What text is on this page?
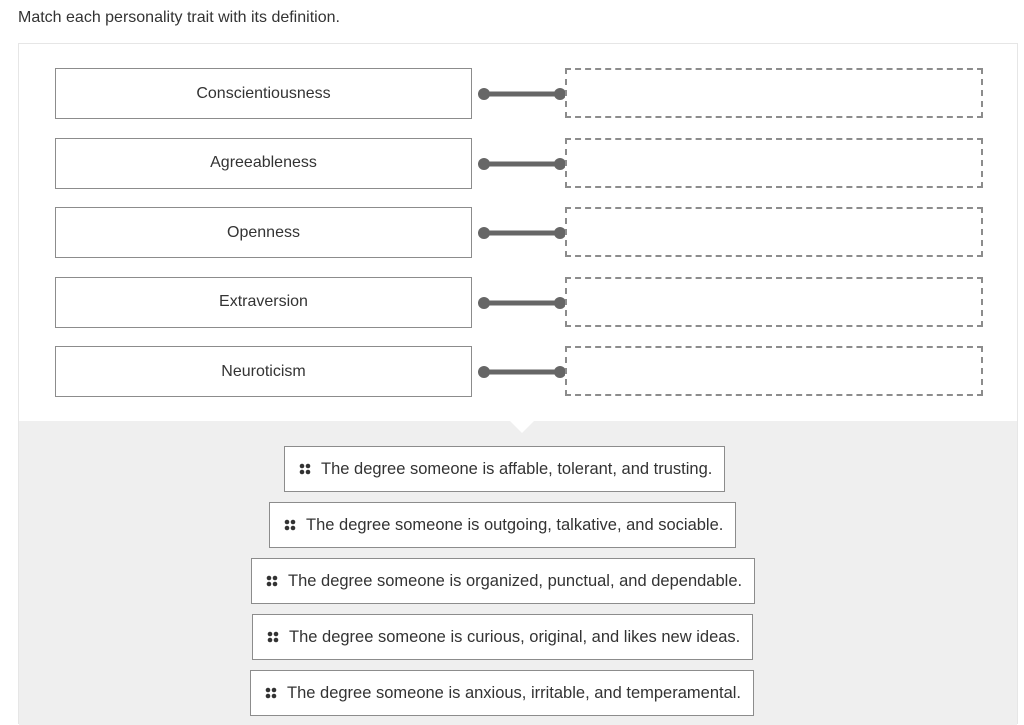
Match each personality trait with its definition.
Conscientiousness
Agreeableness
Openness
Extraversion
Neuroticism
The degree someone is affable, tolerant, and trusting.
The degree someone is outgoing, talkative, and sociable.
The degree someone is organized, punctual, and dependable.
The degree someone is curious, original, and likes new ideas.
The degree someone is anxious, irritable, and temperamental.
